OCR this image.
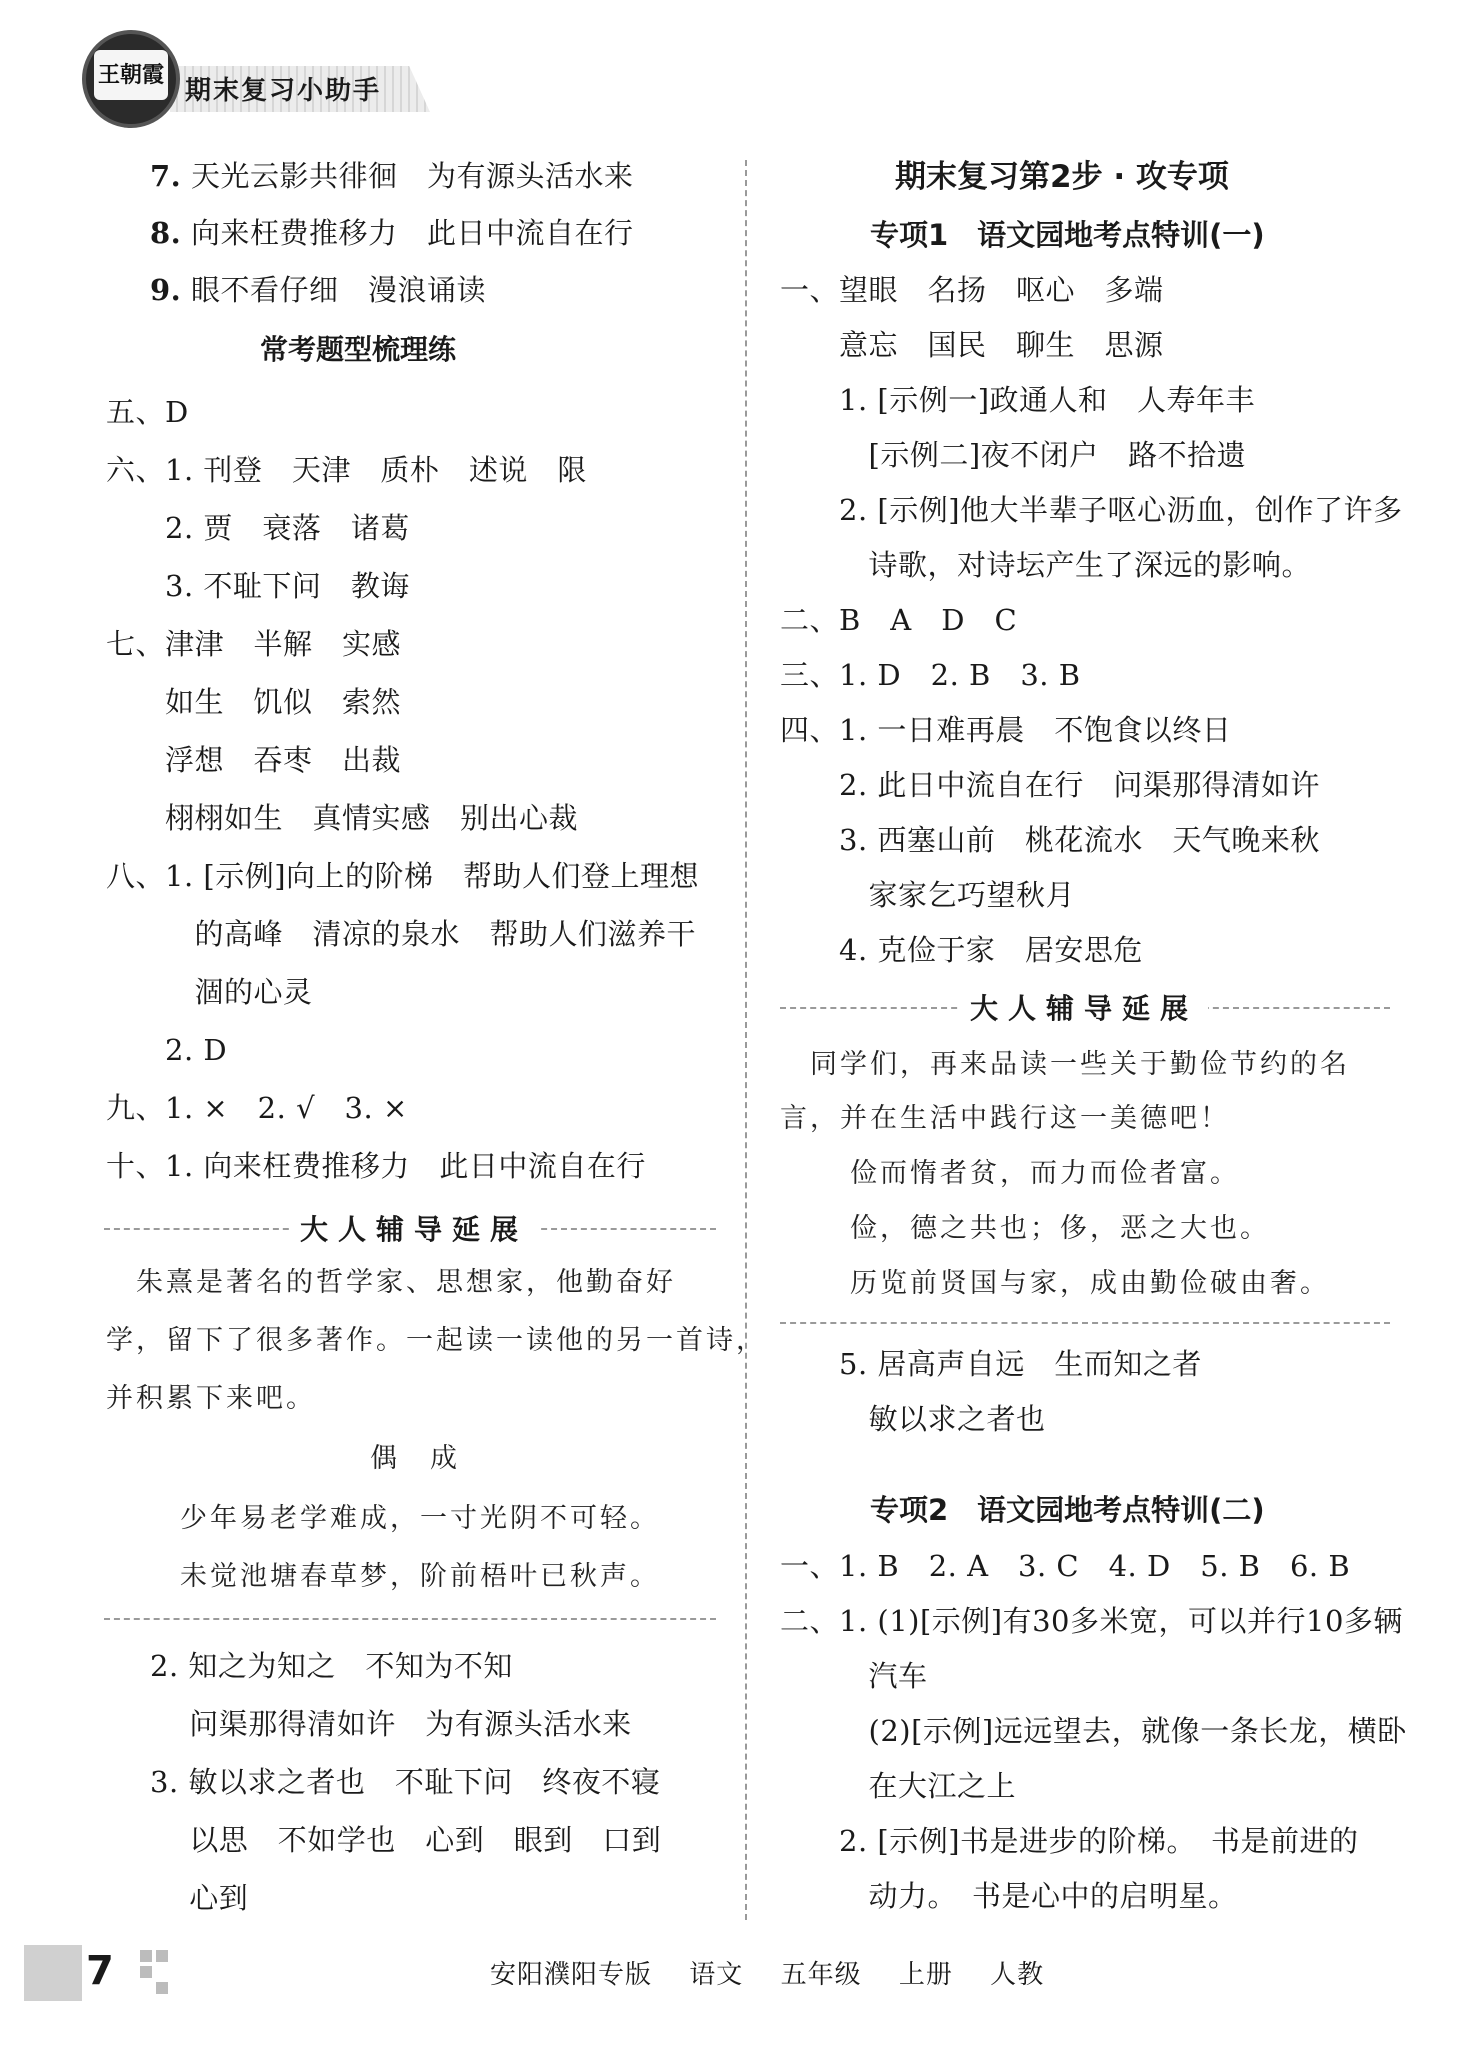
王朝霞
期末复习小助手
7. 天光云影共徘徊　为有源头活水来
8. 向来枉费推移力　此日中流自在行
9. 眼不看仔细　漫浪诵读
常考题型梳理练
五、D
六、1. 刊登　天津　质朴　述说　限
　　2. 贾　衰落　诸葛
　　3. 不耻下问　教诲
七、津津　半解　实感
　　如生　饥似　索然
　　浮想　吞枣　出裁
　　栩栩如生　真情实感　别出心裁
八、1. [示例]向上的阶梯　帮助人们登上理想
　　　的高峰　清凉的泉水　帮助人们滋养干
　　　涸的心灵
　　2. D
九、1. ×　2. √　3. ×
十、1. 向来枉费推移力　此日中流自在行
大人辅导延展
　朱熹是著名的哲学家、思想家，他勤奋好
学，留下了很多著作。一起读一读他的另一首诗，
并积累下来吧。
偶　成
少年易老学难成，一寸光阴不可轻。
未觉池塘春草梦，阶前梧叶已秋声。
2. 知之为知之　不知为不知
　 问渠那得清如许　为有源头活水来
3. 敏以求之者也　不耻下问　终夜不寝
　 以思　不如学也　心到　眼到　口到
　 心到
期末复习第2步 · 攻专项
专项1　语文园地考点特训(一)
一、望眼　名扬　呕心　多端
　　意忘　国民　聊生　思源
　　1. [示例一]政通人和　人寿年丰
　　　[示例二]夜不闭户　路不拾遗
　　2. [示例]他大半辈子呕心沥血，创作了许多
　　　诗歌，对诗坛产生了深远的影响。
二、B　A　D　C
三、1. D　2. B　3. B
四、1. 一日难再晨　不饱食以终日
　　2. 此日中流自在行　问渠那得清如许
　　3. 西塞山前　桃花流水　天气晚来秋
　　　家家乞巧望秋月
　　4. 克俭于家　居安思危
大人辅导延展
　同学们，再来品读一些关于勤俭节约的名
言，并在生活中践行这一美德吧！
　俭而惰者贫，而力而俭者富。
　俭，德之共也；侈，恶之大也。
　历览前贤国与家，成由勤俭破由奢。
　　5. 居高声自远　生而知之者
　　　敏以求之者也
专项2　语文园地考点特训(二)
一、1. B　2. A　3. C　4. D　5. B　6. B
二、1. (1)[示例]有30多米宽，可以并行10多辆
　　　汽车
　　　(2)[示例]远远望去，就像一条长龙，横卧
　　　在大江之上
　　2. [示例]书是进步的阶梯。　书是前进的
　　　动力。　书是心中的启明星。
7	安阳濮阳专版 语文 五年级 上册 人教
